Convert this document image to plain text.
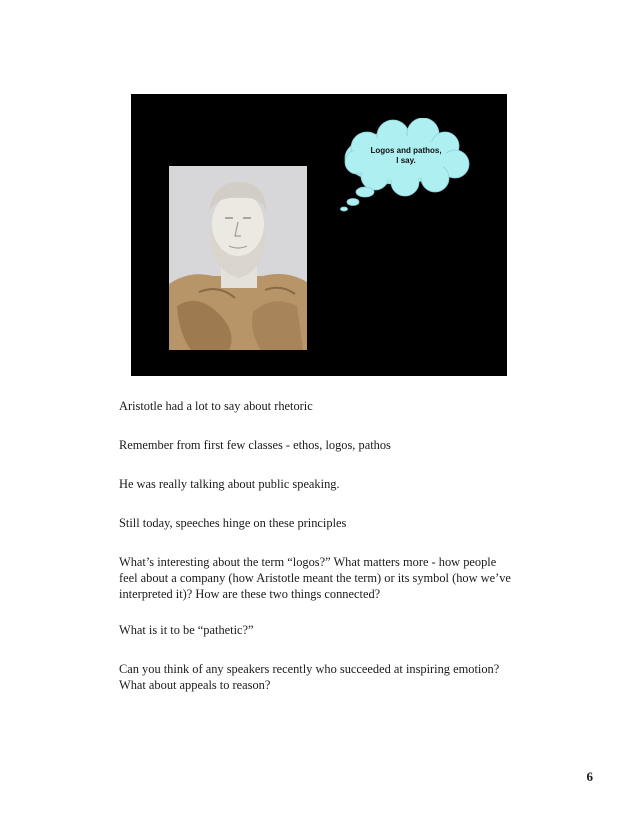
Logos and pathos,
I say.

Aristotle had a lot to say about rhetoric

Remember from first few classes - ethos, logos, pathos

He was really talking about public speaking.

Still today, speeches hinge on these principles

What’s interesting about the term “logos?” What matters more - how people
feel about a company (how Aristotle meant the term) or its symbol (how we’ve
interpreted it)? How are these two things connected?

What is it to be “pathetic?”

Can you think of any speakers recently who succeeded at inspiring emotion?
What about appeals to reason?

6
